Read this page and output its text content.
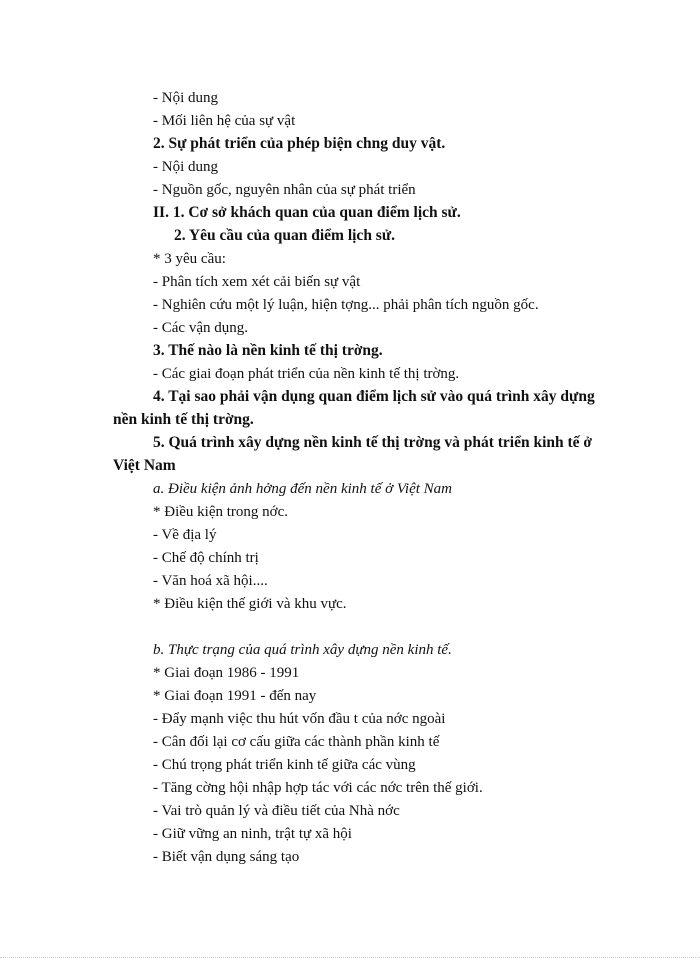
- Nội dung
- Mối liên hệ của sự vật
2. Sự phát triển của phép biện chng duy vật.
- Nội dung
- Nguồn gốc, nguyên nhân của sự phát triển
II. 1. Cơ sở khách quan của quan điểm lịch sử.
2. Yêu cầu của quan điểm lịch sử.
* 3 yêu cầu:
- Phân tích xem xét cải biến sự vật
- Nghiên cứu một lý luận, hiện tợng... phải phân tích nguồn gốc.
- Các vận dụng.
3. Thế nào là nền kinh tế thị trờng.
- Các giai đoạn phát triển của nền kinh tế thị trờng.
4. Tại sao phải vận dụng quan điểm lịch sử vào quá trình xây dựng
nền kinh tế thị trờng.
5. Quá trình xây dựng nền kinh tế thị trờng và phát triển kinh tế ở
Việt Nam
a. Điều kiện ảnh hởng đến nền kinh tế ở Việt Nam
* Điều kiện trong nớc.
- Về địa lý
- Chế độ chính trị
- Văn hoá xã hội....
* Điều kiện thế giới và khu vực.
b. Thực trạng của quá trình xây dựng nền kinh tế.
* Giai đoạn 1986 - 1991
* Giai đoạn 1991 - đến nay
- Đẩy mạnh việc thu hút vốn đầu t của nớc ngoài
- Cân đối lại cơ cấu giữa các thành phần kinh tế
- Chú trọng phát triển kinh tế giữa các vùng
- Tăng cờng hội nhập hợp tác với các nớc trên thế giới.
- Vai trò quản lý và điều tiết của Nhà nớc
- Giữ vững an ninh, trật tự xã hội
- Biết vận dụng sáng tạo
